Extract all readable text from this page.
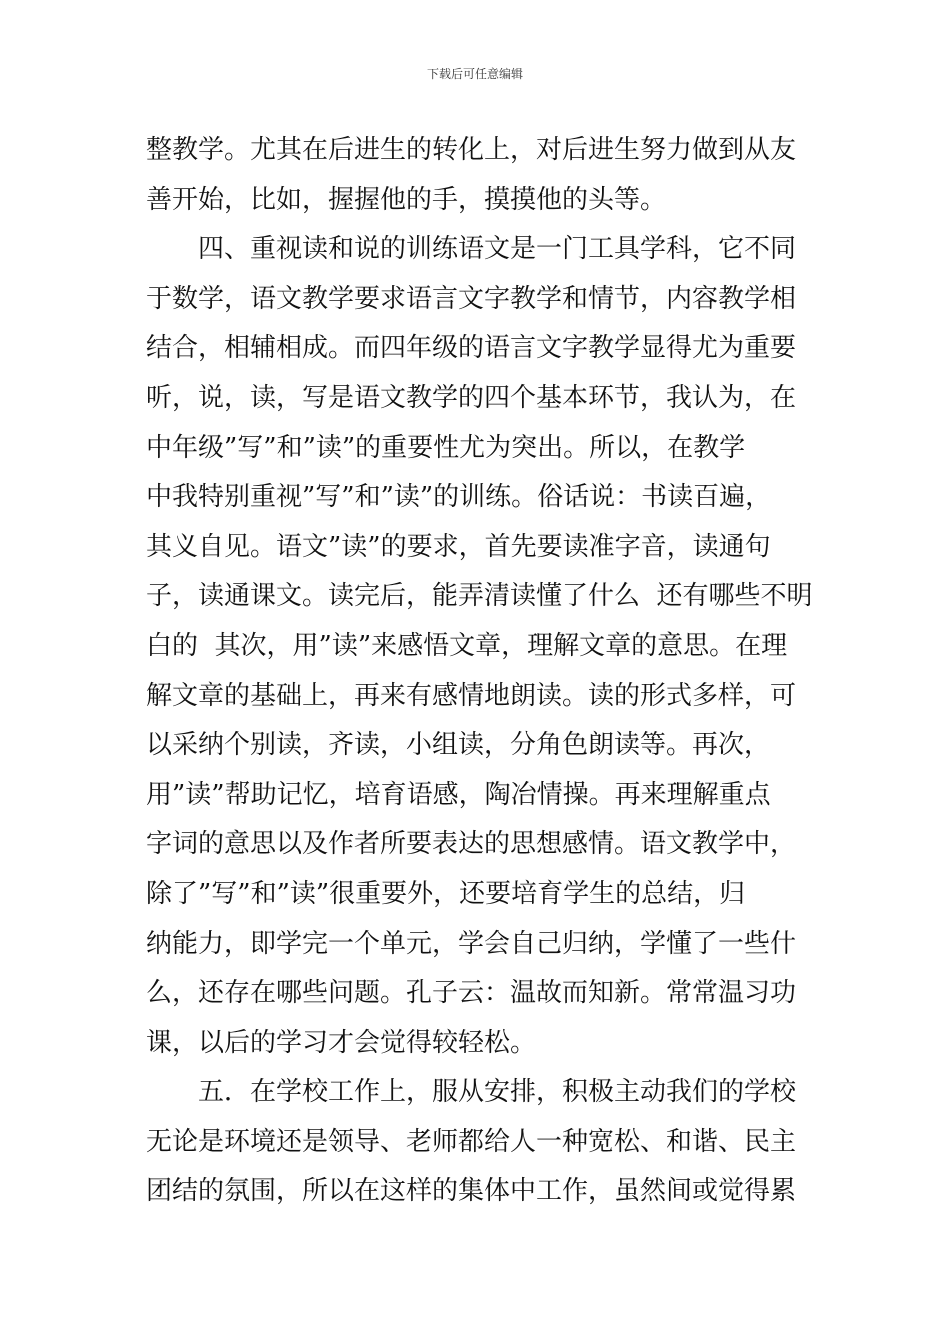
下载后可任意编辑
整教学。尤其在后进生的转化上，对后进生努力做到从友
善开始，比如，握握他的手，摸摸他的头等。
　　四、重视读和说的训练语文是一门工具学科，它不同
于数学，语文教学要求语言文字教学和情节，内容教学相
结合，相辅相成。而四年级的语言文字教学显得尤为重要
听，说，读，写是语文教学的四个基本环节，我认为，在
中年级”写”和”读”的重要性尤为突出。所以，在教学
中我特别重视”写”和”读”的训练。俗话说：书读百遍，
其义自见。语文”读”的要求，首先要读准字音，读通句
子，读通课文。读完后，能弄清读懂了什么  还有哪些不明
白的  其次，用”读”来感悟文章，理解文章的意思。在理
解文章的基础上，再来有感情地朗读。读的形式多样，可
以采纳个别读，齐读，小组读，分角色朗读等。再次，
用”读”帮助记忆，培育语感，陶冶情操。再来理解重点
字词的意思以及作者所要表达的思想感情。语文教学中，
除了”写”和”读”很重要外，还要培育学生的总结，归
纳能力，即学完一个单元，学会自己归纳，学懂了一些什
么，还存在哪些问题。孔子云：温故而知新。常常温习功
课，以后的学习才会觉得较轻松。
　　五．在学校工作上，服从安排，积极主动我们的学校
无论是环境还是领导、老师都给人一种宽松、和谐、民主
团结的氛围，所以在这样的集体中工作，虽然间或觉得累
